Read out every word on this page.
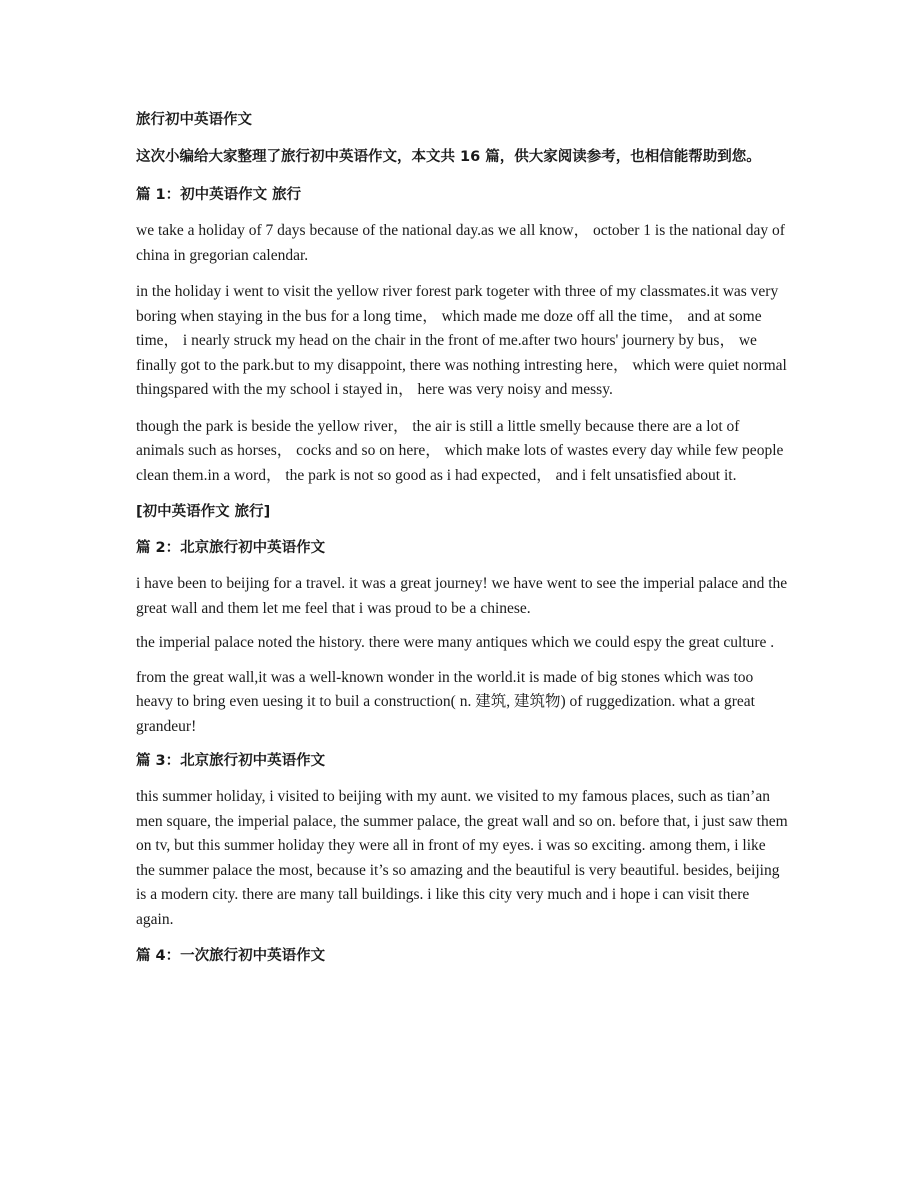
旅行初中英语作文

这次小编给大家整理了旅行初中英语作文，本文共 16 篇，供大家阅读参考，也相信能帮助到您。

篇 1：初中英语作文 旅行

we take a holiday of 7 days because of the national day.as we all know， october 1 is the national day of china in gregorian calendar.

in the holiday i went to visit the yellow river forest park togeter with three of my classmates.it was very boring when staying in the bus for a long time， which made me doze off all the time， and at some time， i nearly struck my head on the chair in the front of me.after two hours' journery by bus， we finally got to the park.but to my disappoint, there was nothing intresting here， which were quiet normal thingspared with the my school i stayed in， here was very noisy and messy.

though the park is beside the yellow river， the air is still a little smelly because there are a lot of animals such as horses， cocks and so on here， which make lots of wastes every day while few people clean them.in a word， the park is not so good as i had expected， and i felt unsatisfied about it.

[初中英语作文 旅行]

篇 2：北京旅行初中英语作文

i have been to beijing for a travel. it was a great journey! we have went to see the imperial palace and the great wall and them let me feel that i was proud to be a chinese.

the imperial palace noted the history. there were many antiques which we could espy the great culture .

from the great wall,it was a well-known wonder in the world.it is made of big stones which was too heavy to bring even uesing it to buil a construction( n. 建筑, 建筑物) of ruggedization. what a great grandeur!

篇 3：北京旅行初中英语作文

this summer holiday, i visited to beijing with my aunt. we visited to my famous places, such as tian’an men square, the imperial palace, the summer palace, the great wall and so on. before that, i just saw them on tv, but this summer holiday they were all in front of my eyes. i was so exciting. among them, i like the summer palace the most, because it’s so amazing and the beautiful is very beautiful. besides, beijing is a modern city. there are many tall buildings. i like this city very much and i hope i can visit there again.

篇 4：一次旅行初中英语作文
